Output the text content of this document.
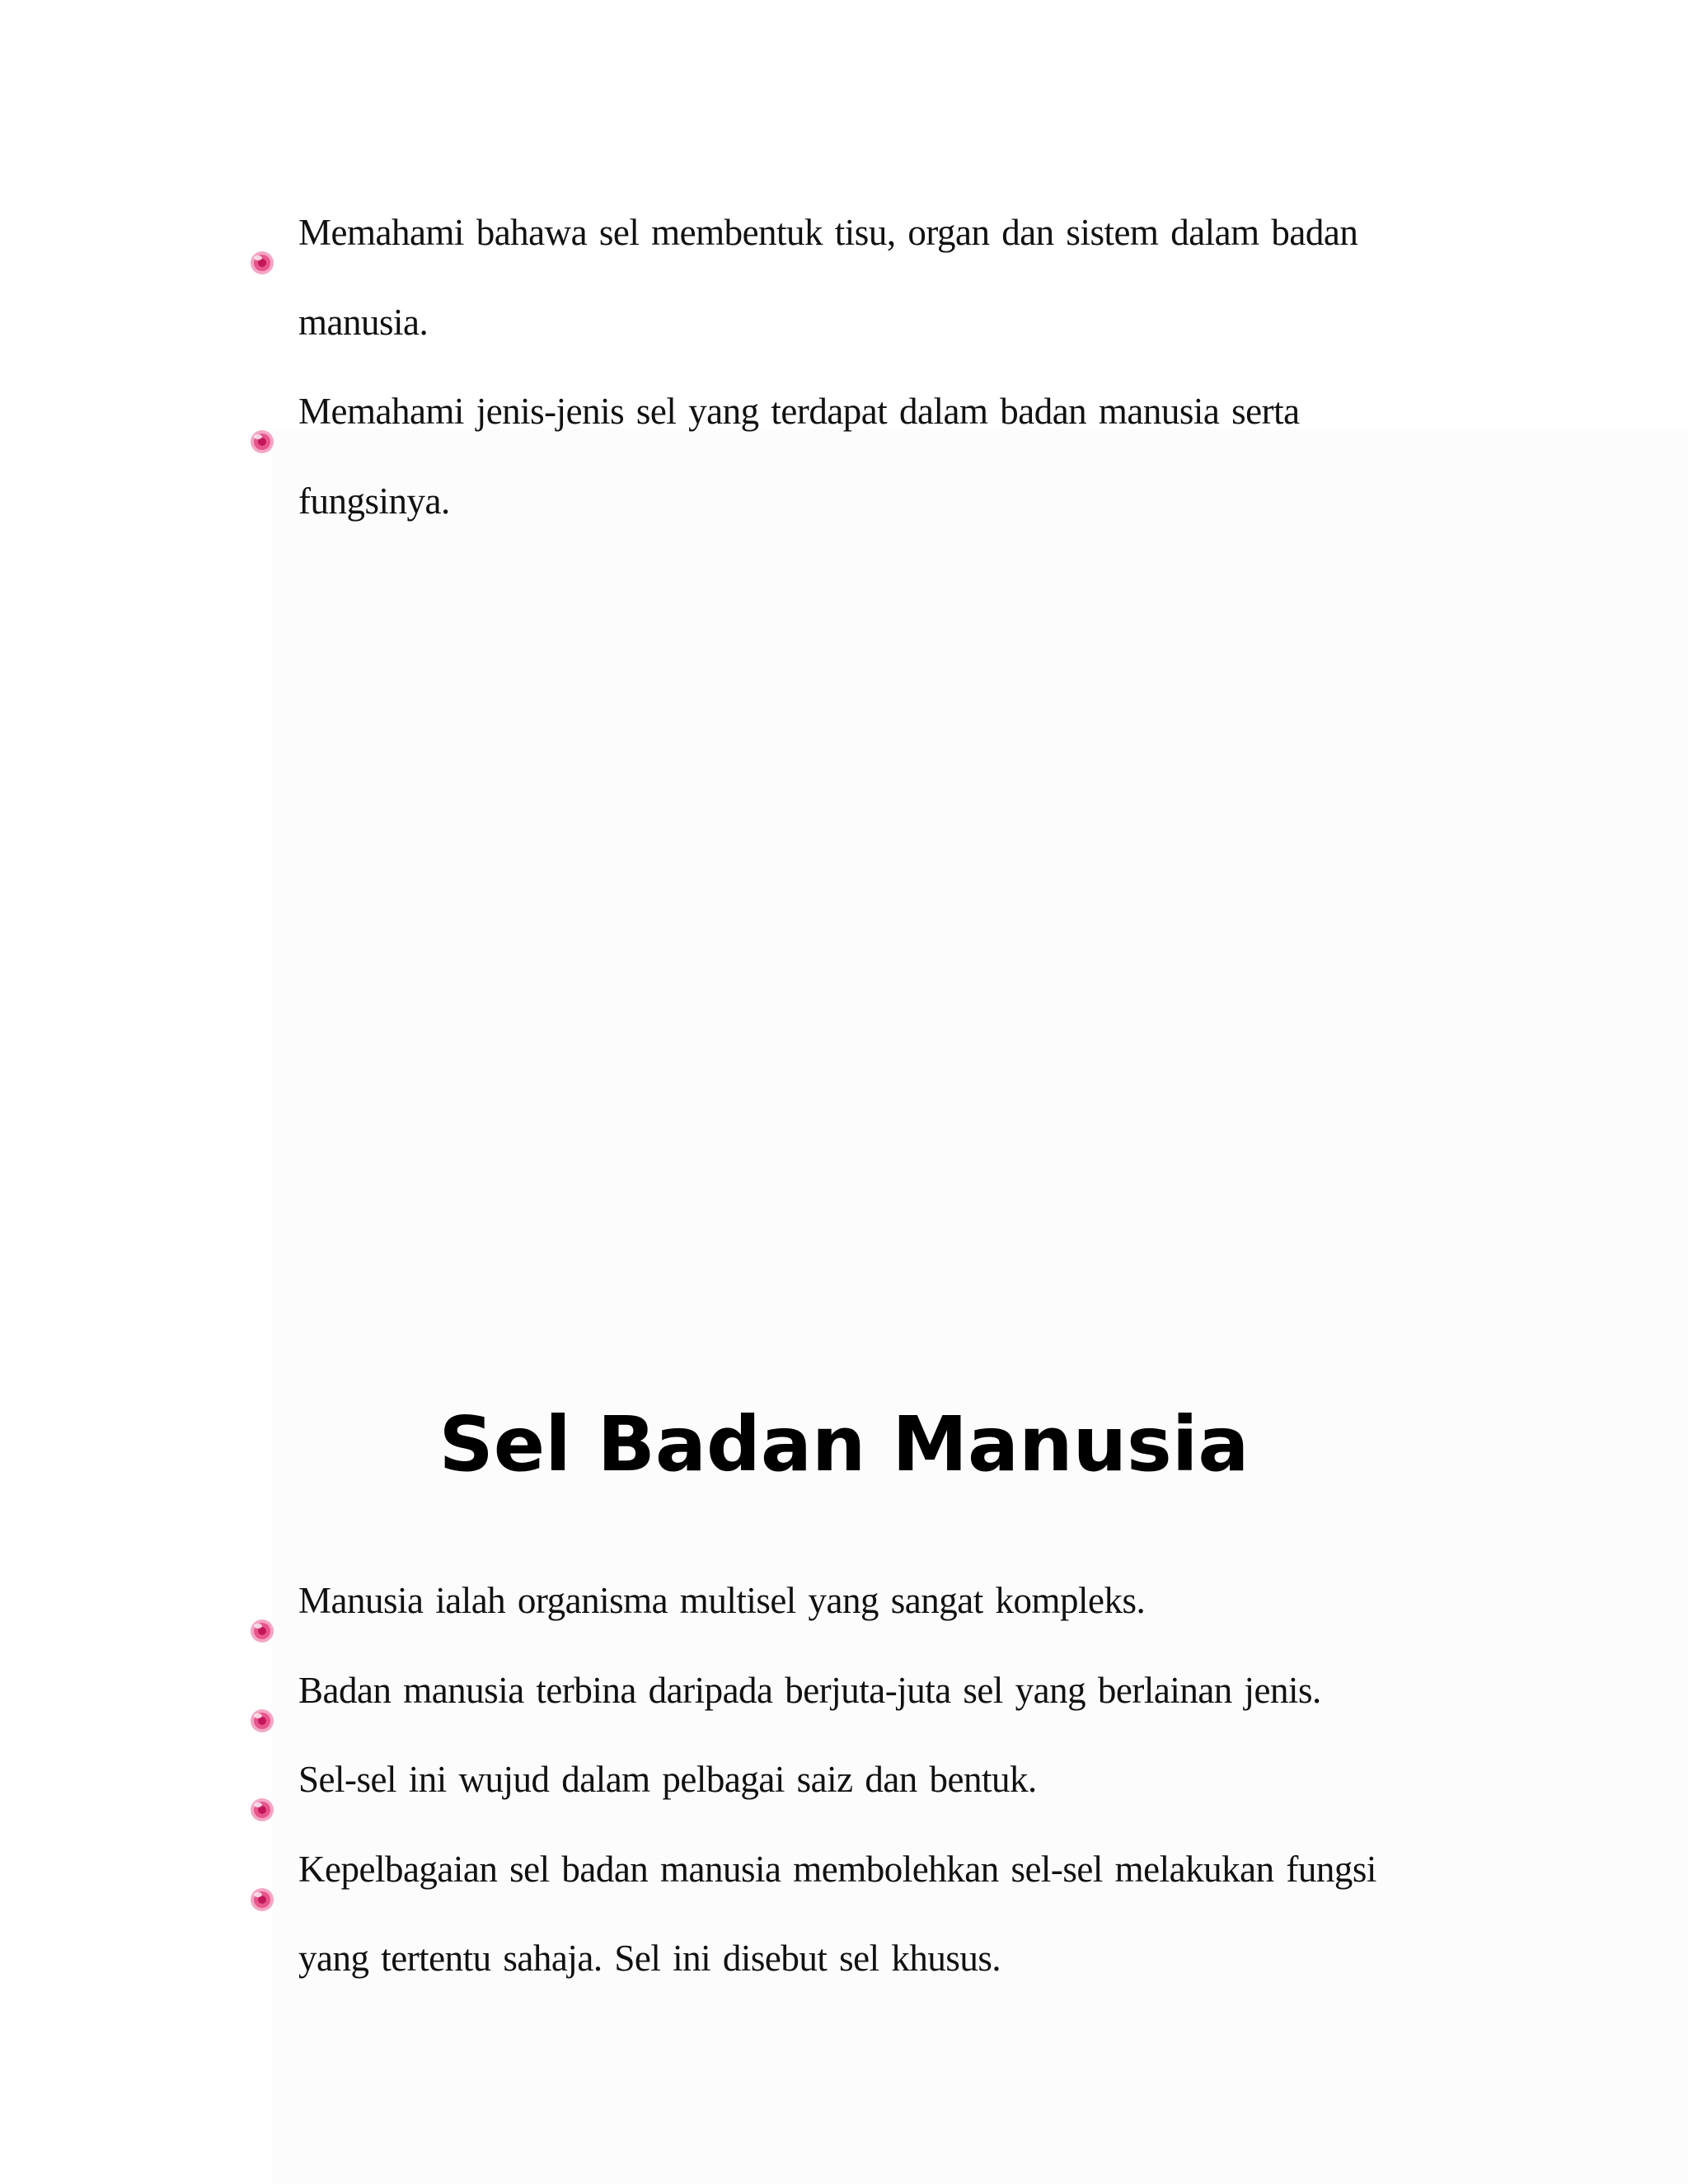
Memahami bahawa sel membentuk tisu, organ dan sistem dalam badan manusia.
Memahami jenis-jenis sel yang terdapat dalam badan manusia serta fungsinya.
Sel Badan Manusia
Manusia ialah organisma multisel yang sangat kompleks.
Badan manusia terbina daripada berjuta-juta sel yang berlainan jenis.
Sel-sel ini wujud dalam pelbagai saiz dan bentuk.
Kepelbagaian sel badan manusia membolehkan sel-sel melakukan fungsi yang tertentu sahaja. Sel ini disebut sel khusus.
